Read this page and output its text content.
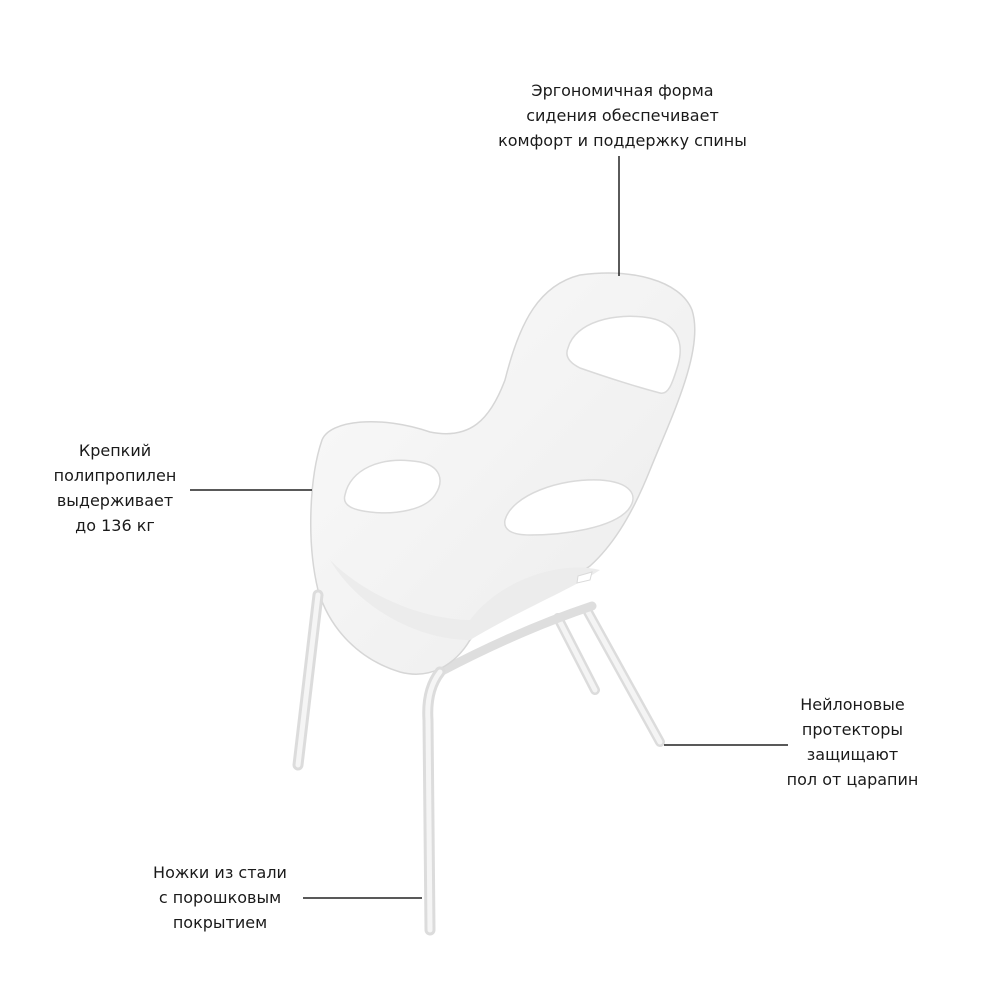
Эргономичная форма
сидения обеспечивает
комфорт и поддержку спины
Крепкий
полипропилен
выдерживает
до 136 кг
Нейлоновые
протекторы
защищают
пол от царапин
Ножки из стали
с порошковым
покрытием
